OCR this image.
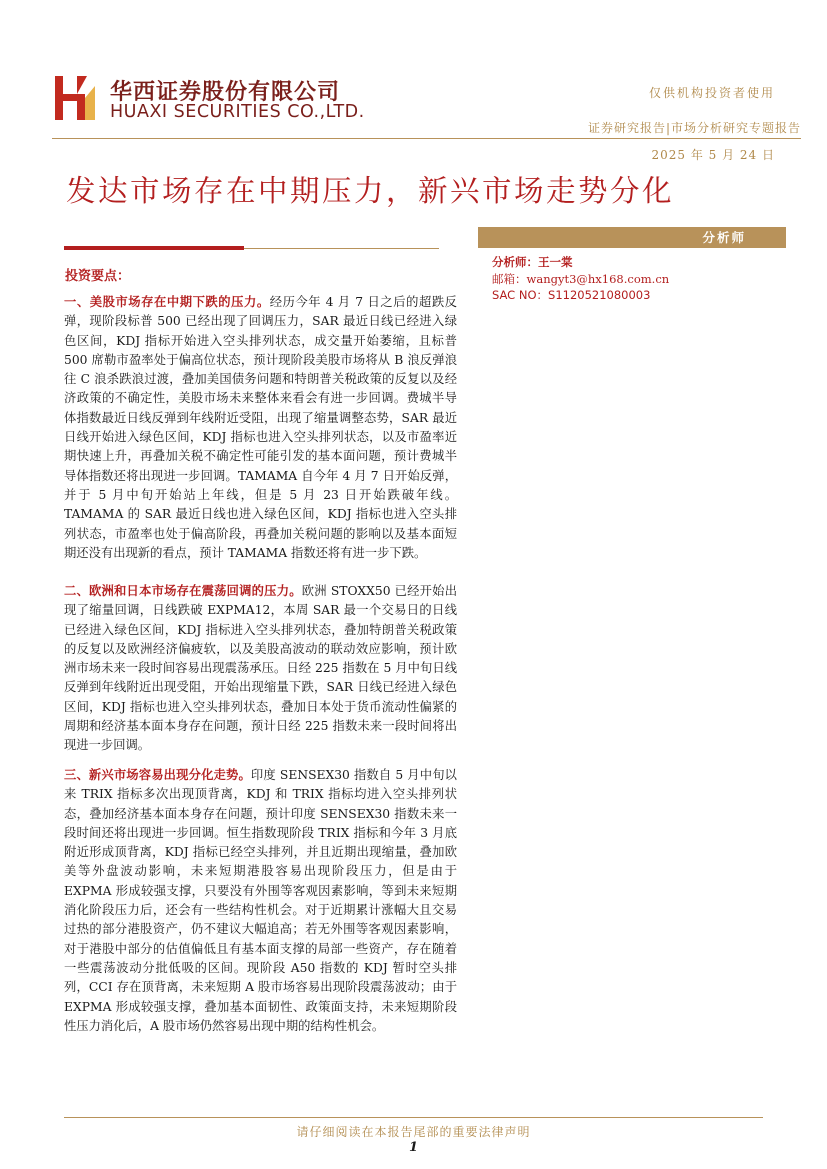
华西证券股份有限公司
HUAXI SECURITIES CO.,LTD.
仅供机构投资者使用
证券研究报告|市场分析研究专题报告
2025 年 5 月 24 日
发达市场存在中期压力，新兴市场走势分化
分析师
分析师：王一棠
邮箱：wangyt3@hx168.com.cn
SAC NO：S1120521080003
投资要点：

一、美股市场存在中期下跌的压力。经历今年 4 月 7 日之后的超跌反弹，现阶段标普 500 已经出现了回调压力，SAR 最近日线已经进入绿色区间，KDJ 指标开始进入空头排列状态，成交量开始萎缩，且标普 500 席勒市盈率处于偏高位状态，预计现阶段美股市场将从 B 浪反弹浪往 C 浪杀跌浪过渡，叠加美国债务问题和特朗普关税政策的反复以及经济政策的不确定性，美股市场未来整体来看会有进一步回调。费城半导体指数最近日线反弹到年线附近受阻，出现了缩量调整态势，SAR 最近日线开始进入绿色区间，KDJ 指标也进入空头排列状态，以及市盈率近期快速上升，再叠加关税不确定性可能引发的基本面问题，预计费城半导体指数还将出现进一步回调。TAMAMA 自今年 4 月 7 日开始反弹，并于 5 月中旬开始站上年线，但是 5 月 23 日开始跌破年线。TAMAMA 的 SAR 最近日线也进入绿色区间，KDJ 指标也进入空头排列状态，市盈率也处于偏高阶段，再叠加关税问题的影响以及基本面短期还没有出现新的看点，预计 TAMAMA 指数还将有进一步下跌。

二、欧洲和日本市场存在震荡回调的压力。欧洲 STOXX50 已经开始出现了缩量回调，日线跌破 EXPMA12，本周 SAR 最一个交易日的日线已经进入绿色区间，KDJ 指标进入空头排列状态，叠加特朗普关税政策的反复以及欧洲经济偏疲软，以及美股高波动的联动效应影响，预计欧洲市场未来一段时间容易出现震荡承压。日经 225 指数在 5 月中旬日线反弹到年线附近出现受阻，开始出现缩量下跌，SAR 日线已经进入绿色区间，KDJ 指标也进入空头排列状态，叠加日本处于货币流动性偏紧的周期和经济基本面本身存在问题，预计日经 225 指数未来一段时间将出现进一步回调。

三、新兴市场容易出现分化走势。印度 SENSEX30 指数自 5 月中旬以来 TRIX 指标多次出现顶背离，KDJ 和 TRIX 指标均进入空头排列状态，叠加经济基本面本身存在问题，预计印度 SENSEX30 指数未来一段时间还将出现进一步回调。恒生指数现阶段 TRIX 指标和今年 3 月底附近形成顶背离，KDJ 指标已经空头排列，并且近期出现缩量，叠加欧美等外盘波动影响，未来短期港股容易出现阶段压力，但是由于 EXPMA 形成较强支撑，只要没有外围等客观因素影响，等到未来短期消化阶段压力后，还会有一些结构性机会。对于近期累计涨幅大且交易过热的部分港股资产，仍不建议大幅追高；若无外围等客观因素影响，对于港股中部分的估值偏低且有基本面支撑的局部一些资产，存在随着一些震荡波动分批低吸的区间。现阶段 A50 指数的 KDJ 暂时空头排列，CCI 存在顶背离，未来短期 A 股市场容易出现阶段震荡波动；由于 EXPMA 形成较强支撑，叠加基本面韧性、政策面支持，未来短期阶段性压力消化后，A 股市场仍然容易出现中期的结构性机会。

请仔细阅读在本报告尾部的重要法律声明
1
